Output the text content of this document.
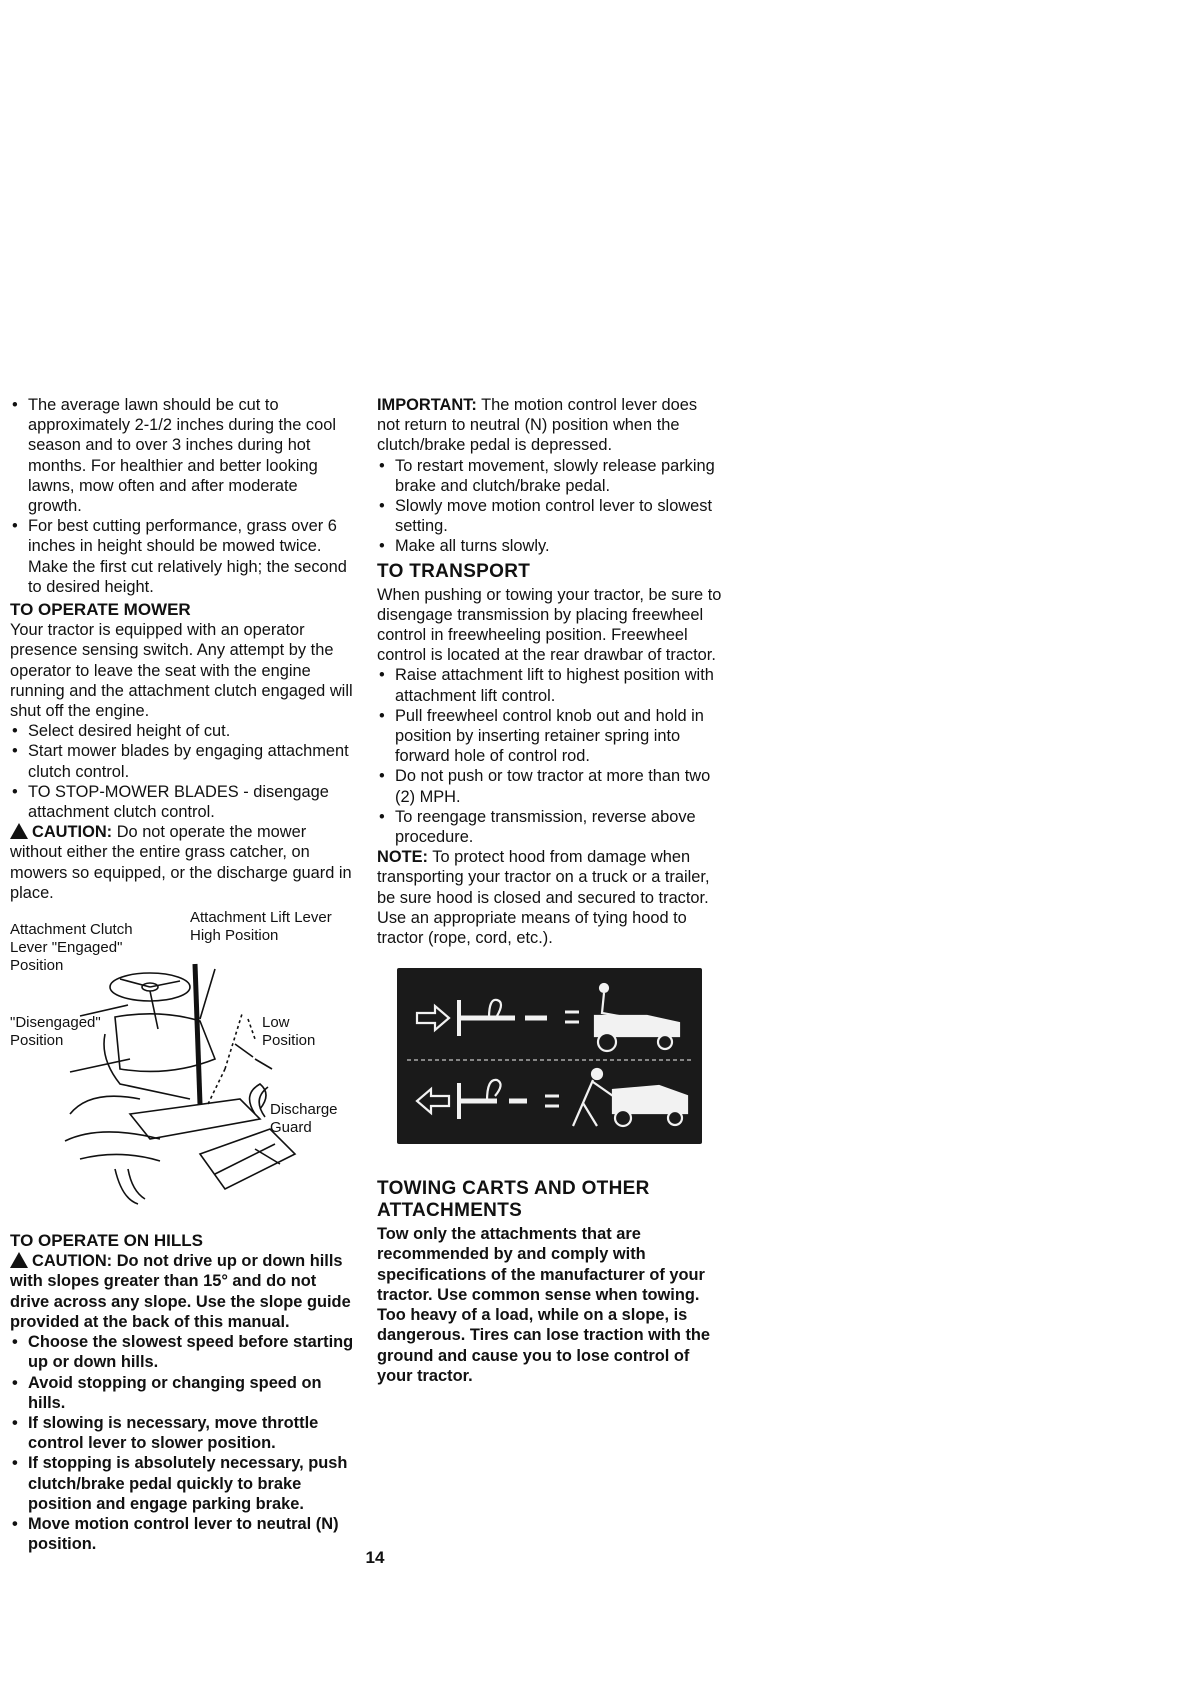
• The average lawn should be cut to approximately 2-1/2 inches during the cool season and to over 3 inches during hot months. For healthier and better looking lawns, mow often and after moderate growth.
• For best cutting performance, grass over 6 inches in height should be mowed twice. Make the first cut relatively high; the second to desired height.

TO OPERATE MOWER

Your tractor is equipped with an operator presence sensing switch. Any attempt by the operator to leave the seat with the engine running and the attachment clutch engaged will shut off the engine.

• Select desired height of cut.
• Start mower blades by engaging attachment clutch control.
• TO STOP-MOWER BLADES - disengage attachment clutch control.

CAUTION: Do not operate the mower without either the entire grass catcher, on mowers so equipped, or the discharge guard in place.

Attachment Lift Lever High Position
Attachment Clutch Lever "Engaged" Position
"Disengaged" Position
Low Position
Discharge Guard

TO OPERATE ON HILLS

CAUTION: Do not drive up or down hills with slopes greater than 15° and do not drive across any slope. Use the slope guide provided at the back of this manual.

• Choose the slowest speed before starting up or down hills.
• Avoid stopping or changing speed on hills.
• If slowing is necessary, move throttle control lever to slower position.
• If stopping is absolutely necessary, push clutch/brake pedal quickly to brake position and engage parking brake.
• Move motion control lever to neutral (N) position.

IMPORTANT: The motion control lever does not return to neutral (N) position when the clutch/brake pedal is depressed.

• To restart movement, slowly release parking brake and clutch/brake pedal.
• Slowly move motion control lever to slowest setting.
• Make all turns slowly.

TO TRANSPORT

When pushing or towing your tractor, be sure to disengage transmission by placing freewheel control in freewheeling position. Freewheel control is located at the rear drawbar of tractor.

• Raise attachment lift to highest position with attachment lift control.
• Pull freewheel control knob out and hold in position by inserting retainer spring into forward hole of control rod.
• Do not push or tow tractor at more than two (2) MPH.
• To reengage transmission, reverse above procedure.

NOTE: To protect hood from damage when transporting your tractor on a truck or a trailer, be sure hood is closed and secured to tractor. Use an appropriate means of tying hood to tractor (rope, cord, etc.).

TOWING CARTS AND OTHER ATTACHMENTS

Tow only the attachments that are recommended by and comply with specifications of the manufacturer of your tractor. Use common sense when towing. Too heavy of a load, while on a slope, is dangerous. Tires can lose traction with the ground and cause you to lose control of your tractor.

14
